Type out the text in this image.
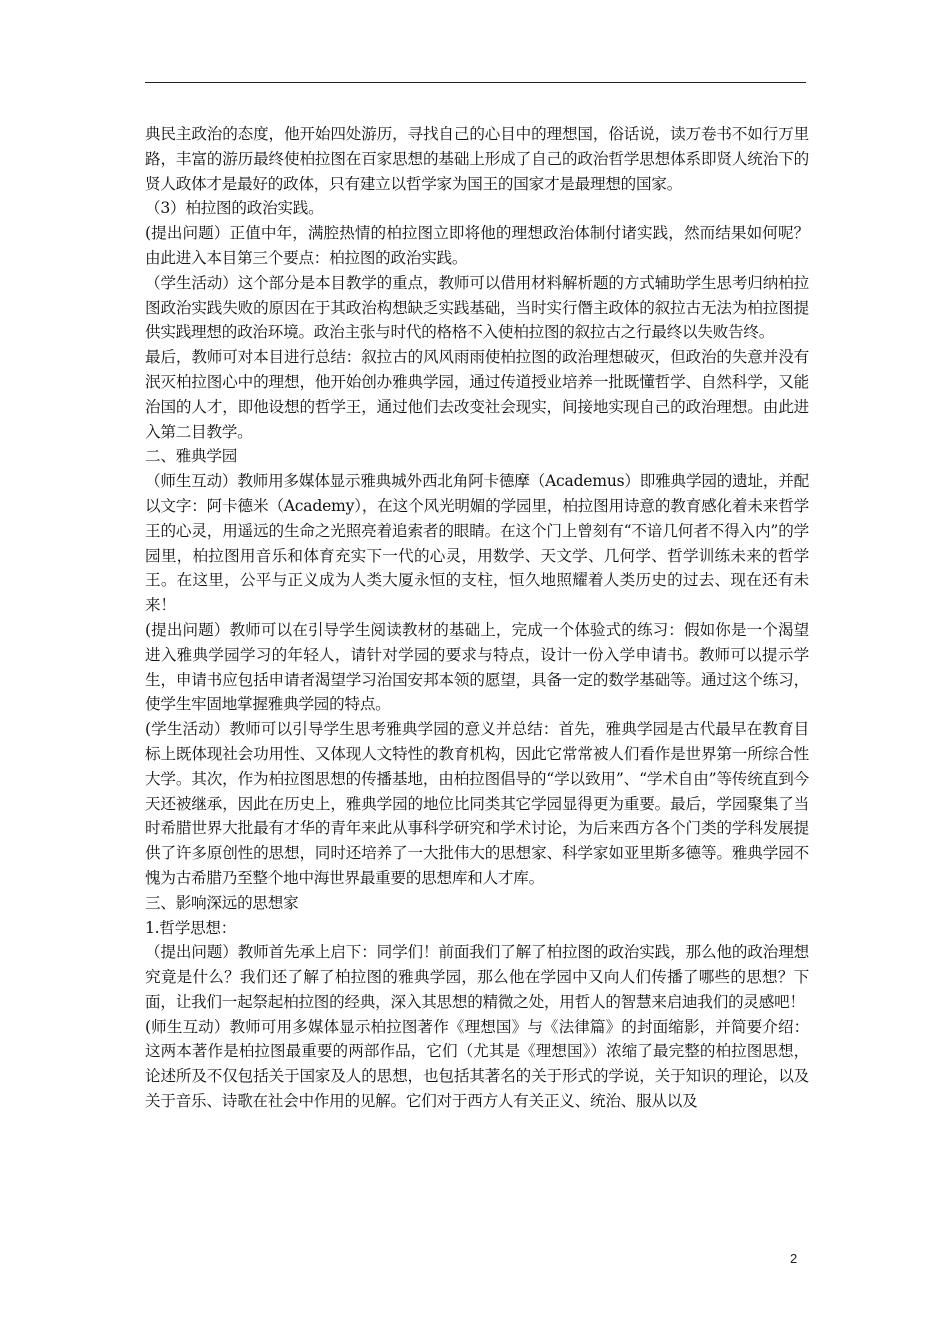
典民主政治的态度，他开始四处游历，寻找自己的心目中的理想国，俗话说，读万卷书不如行万里路，丰富的游历最终使柏拉图在百家思想的基础上形成了自己的政治哲学思想体系即贤人统治下的贤人政体才是最好的政体，只有建立以哲学家为国王的国家才是最理想的国家。

（3）柏拉图的政治实践。

(提出问题）正值中年，满腔热情的柏拉图立即将他的理想政治体制付诸实践，然而结果如何呢？由此进入本目第三个要点：柏拉图的政治实践。

（学生活动）这个部分是本目教学的重点，教师可以借用材料解析题的方式辅助学生思考归纳柏拉图政治实践失败的原因在于其政治构想缺乏实践基础，当时实行僭主政体的叙拉古无法为柏拉图提供实践理想的政治环境。政治主张与时代的格格不入使柏拉图的叙拉古之行最终以失败告终。

最后，教师可对本目进行总结：叙拉古的风风雨雨使柏拉图的政治理想破灭，但政治的失意并没有泯灭柏拉图心中的理想，他开始创办雅典学园，通过传道授业培养一批既懂哲学、自然科学，又能治国的人才，即他设想的哲学王，通过他们去改变社会现实，间接地实现自己的政治理想。由此进入第二目教学。

二、雅典学园

（师生互动）教师用多媒体显示雅典城外西北角阿卡德摩（Academus）即雅典学园的遗址，并配以文字：阿卡德米（Academy），在这个风光明媚的学园里，柏拉图用诗意的教育感化着未来哲学王的心灵，用遥远的生命之光照亮着追索者的眼睛。在这个门上曾刻有“不谙几何者不得入内”的学园里，柏拉图用音乐和体育充实下一代的心灵，用数学、天文学、几何学、哲学训练未来的哲学王。在这里，公平与正义成为人类大厦永恒的支柱，恒久地照耀着人类历史的过去、现在还有未来！

(提出问题）教师可以在引导学生阅读教材的基础上，完成一个体验式的练习：假如你是一个渴望进入雅典学园学习的年轻人，请针对学园的要求与特点，设计一份入学申请书。教师可以提示学生，申请书应包括申请者渴望学习治国安邦本领的愿望，具备一定的数学基础等。通过这个练习，使学生牢固地掌握雅典学园的特点。

(学生活动）教师可以引导学生思考雅典学园的意义并总结：首先，雅典学园是古代最早在教育目标上既体现社会功用性、又体现人文特性的教育机构，因此它常常被人们看作是世界第一所综合性大学。其次，作为柏拉图思想的传播基地，由柏拉图倡导的“学以致用”、“学术自由”等传统直到今天还被继承，因此在历史上，雅典学园的地位比同类其它学园显得更为重要。最后，学园聚集了当时希腊世界大批最有才华的青年来此从事科学研究和学术讨论，为后来西方各个门类的学科发展提供了许多原创性的思想，同时还培养了一大批伟大的思想家、科学家如亚里斯多德等。雅典学园不愧为古希腊乃至整个地中海世界最重要的思想库和人才库。

三、影响深远的思想家

1.哲学思想：

（提出问题）教师首先承上启下：同学们！前面我们了解了柏拉图的政治实践，那么他的政治理想究竟是什么？我们还了解了柏拉图的雅典学园，那么他在学园中又向人们传播了哪些的思想？下面，让我们一起祭起柏拉图的经典，深入其思想的精微之处，用哲人的智慧来启迪我们的灵感吧！

(师生互动）教师可用多媒体显示柏拉图著作《理想国》与《法律篇》的封面缩影，并简要介绍：这两本著作是柏拉图最重要的两部作品，它们（尤其是《理想国》）浓缩了最完整的柏拉图思想，论述所及不仅包括关于国家及人的思想，也包括其著名的关于形式的学说，关于知识的理论，以及关于音乐、诗歌在社会中作用的见解。它们对于西方人有关正义、统治、服从以及

2
